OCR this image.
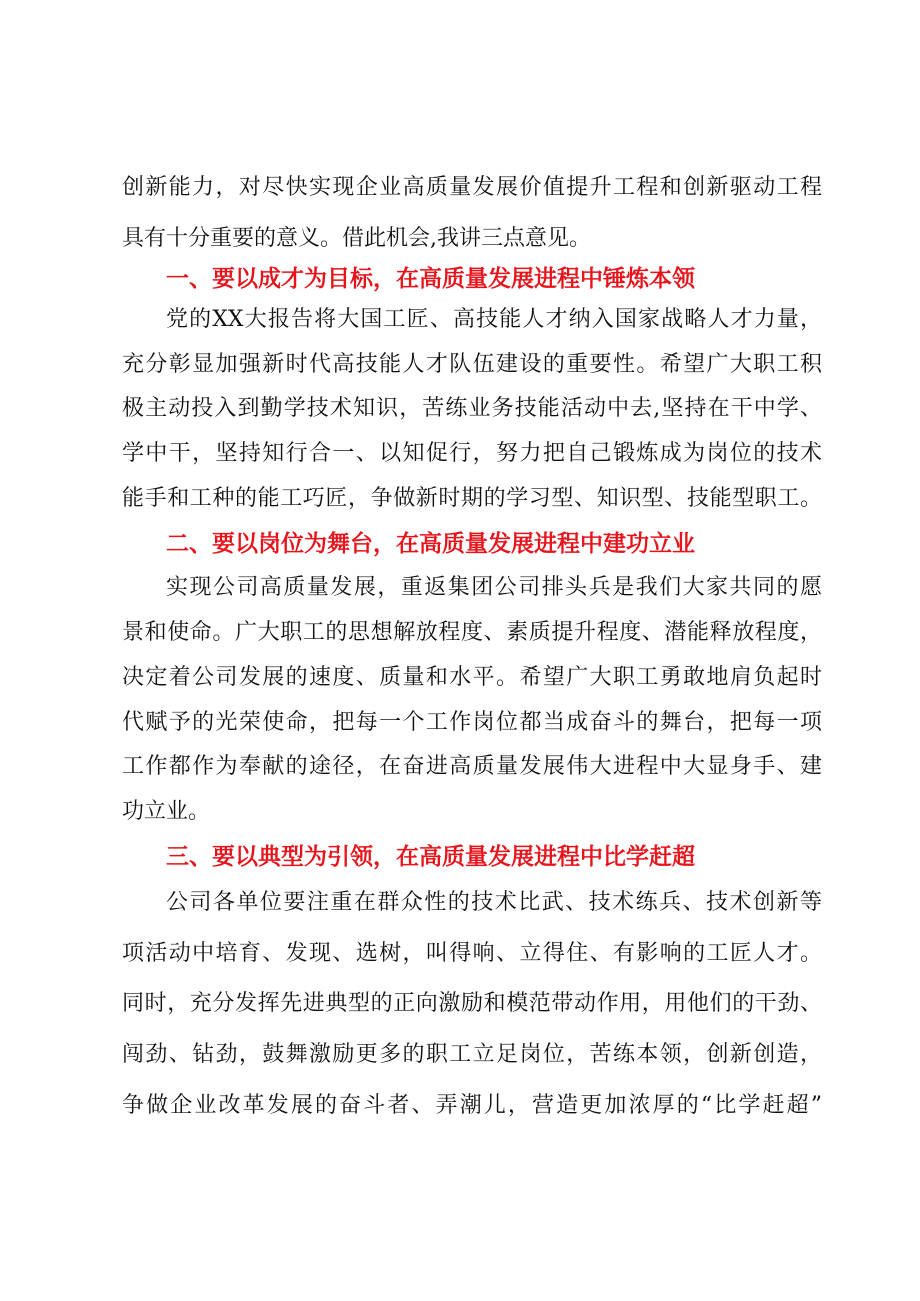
创新能力，对尽快实现企业高质量发展价值提升工程和创新驱动工程
具有十分重要的意义。借此机会,我讲三点意见。
一、要以成才为目标，在高质量发展进程中锤炼本领
党的XX大报告将大国工匠、高技能人才纳入国家战略人才力量，
充分彰显加强新时代高技能人才队伍建设的重要性。希望广大职工积
极主动投入到勤学技术知识，苦练业务技能活动中去,坚持在干中学、
学中干，坚持知行合一、以知促行，努力把自己锻炼成为岗位的技术
能手和工种的能工巧匠，争做新时期的学习型、知识型、技能型职工。
二、要以岗位为舞台，在高质量发展进程中建功立业
实现公司高质量发展，重返集团公司排头兵是我们大家共同的愿
景和使命。广大职工的思想解放程度、素质提升程度、潜能释放程度，
决定着公司发展的速度、质量和水平。希望广大职工勇敢地肩负起时
代赋予的光荣使命，把每一个工作岗位都当成奋斗的舞台，把每一项
工作都作为奉献的途径，在奋进高质量发展伟大进程中大显身手、建
功立业。
三、要以典型为引领，在高质量发展进程中比学赶超
公司各单位要注重在群众性的技术比武、技术练兵、技术创新等
项活动中培育、发现、选树，叫得响、立得住、有影响的工匠人才。
同时，充分发挥先进典型的正向激励和模范带动作用，用他们的干劲、
闯劲、钻劲，鼓舞激励更多的职工立足岗位，苦练本领，创新创造，
争做企业改革发展的奋斗者、弄潮儿，营造更加浓厚的“比学赶超”
